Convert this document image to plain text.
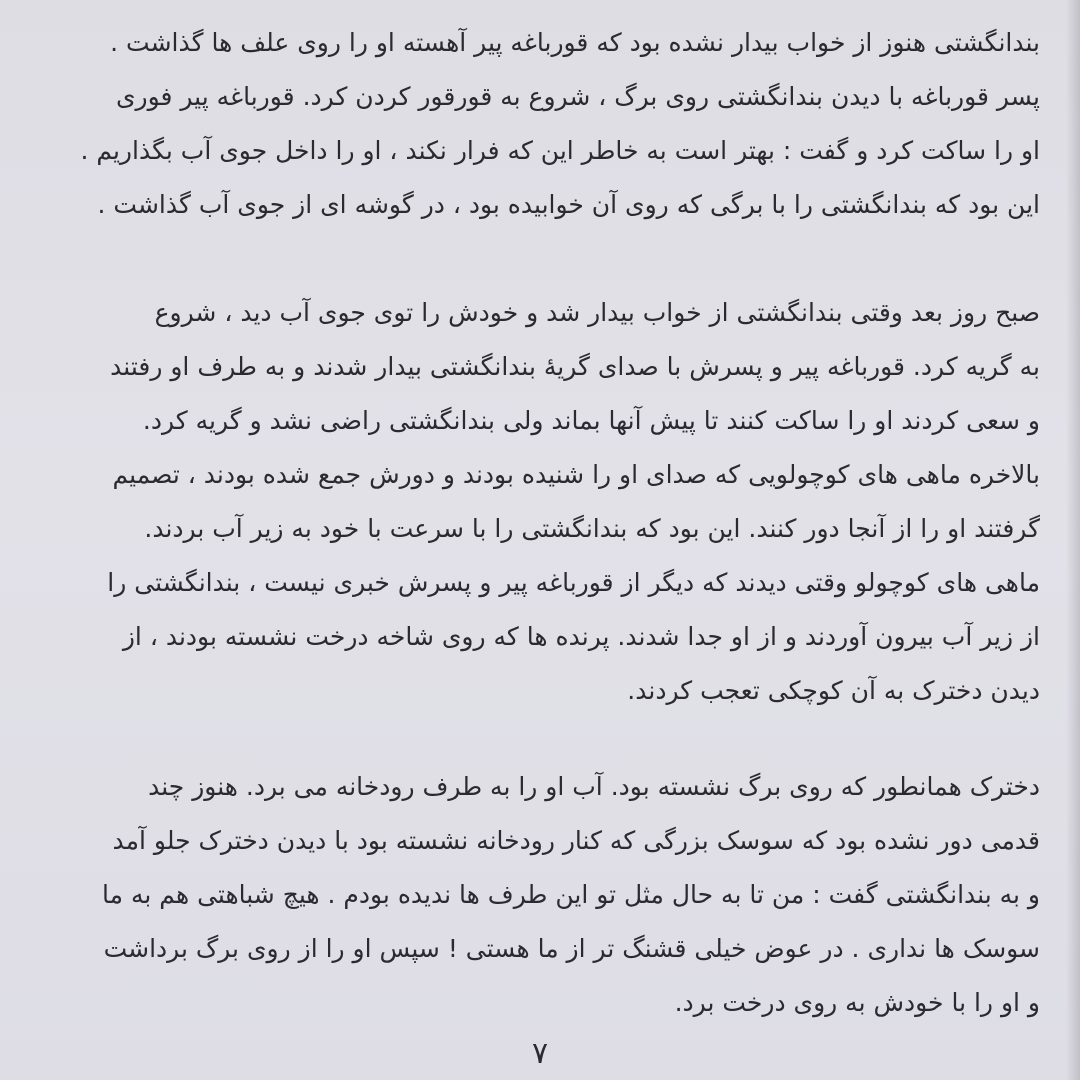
بندانگشتی هنوز از خواب بیدار نشده بود که قورباغه پیر آهسته او را روی علف ها گذاشت .
پسر قورباغه با دیدن بندانگشتی روی برگ ، شروع به قورقور کردن کرد. قورباغه پیر فوری
او را ساکت کرد و گفت : بهتر است به خاطر این که فرار نکند ، او را داخل جوی آب بگذاریم .
این بود که بندانگشتی را با برگی که روی آن خوابیده بود ، در گوشه ای از جوی آب گذاشت .
صبح روز بعد وقتی بندانگشتی از خواب بیدار شد و خودش را توی جوی آب دید ، شروع
به گریه کرد. قورباغه پیر و پسرش با صدای گریهٔ بندانگشتی بیدار شدند و به طرف او رفتند
و سعی کردند او را ساکت کنند تا پیش آنها بماند ولی بندانگشتی راضی نشد و گریه کرد.
بالاخره ماهی های کوچولویی که صدای او را شنیده بودند و دورش جمع شده بودند ، تصمیم
گرفتند او را از آنجا دور کنند. این بود که بندانگشتی را با سرعت با خود به زیر آب بردند.
ماهی های کوچولو وقتی دیدند که دیگر از قورباغه پیر و پسرش خبری نیست ، بندانگشتی را
از زیر آب بیرون آوردند و از او جدا شدند. پرنده ها که روی شاخه درخت نشسته بودند ، از
دیدن دخترک به آن کوچکی تعجب کردند.
دخترک همانطور که روی برگ نشسته بود. آب او را به طرف رودخانه می برد. هنوز چند
قدمی دور نشده بود که سوسک بزرگی که کنار رودخانه نشسته بود با دیدن دخترک جلو آمد
و به بندانگشتی گفت : من تا به حال مثل تو این طرف ها ندیده بودم . هیچ شباهتی هم به ما
سوسک ها نداری . در عوض خیلی قشنگ تر از ما هستی ! سپس او را از روی برگ برداشت
و او را با خودش به روی درخت برد.
۷
